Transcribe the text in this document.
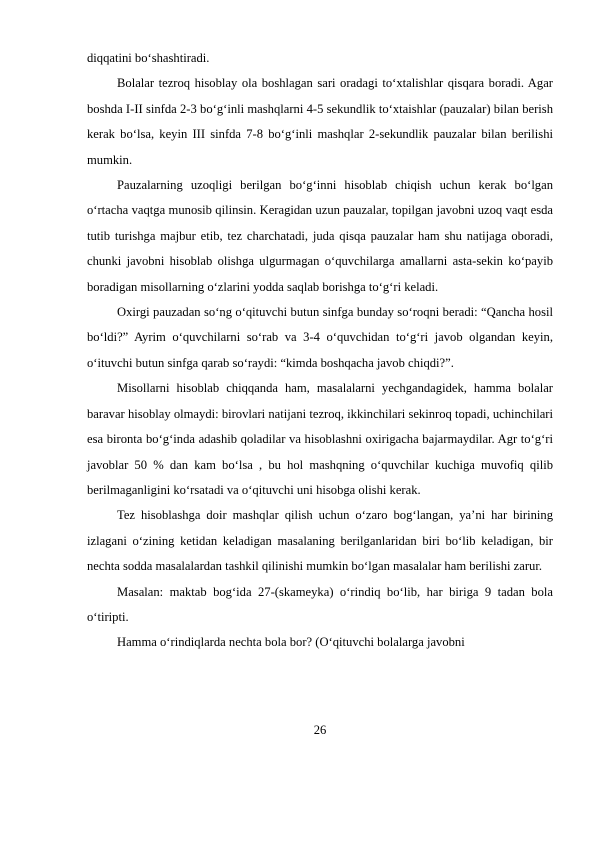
diqqatini bo‘shashtiradi.

Bolalar tezroq hisoblay ola boshlagan sari oradagi to‘xtalishlar qisqara boradi. Agar boshda I-II sinfda 2-3 bo‘g‘inli mashqlarni 4-5 sekundlik to‘xtaishlar (pauzalar) bilan berish kerak bo‘lsa, keyin III sinfda 7-8 bo‘g‘inli mashqlar 2-sekundlik pauzalar bilan berilishi mumkin.

Pauzalarning uzoqligi berilgan bo‘g‘inni hisoblab chiqish uchun kerak bo‘lgan o‘rtacha vaqtga munosib qilinsin. Keragidan uzun pauzalar, topilgan javobni uzoq vaqt esda tutib turishga majbur etib, tez charchatadi, juda qisqa pauzalar ham shu natijaga oboradi, chunki javobni hisoblab olishga ulgurmagan o‘quvchilarga amallarni asta-sekin ko‘payib boradigan misollarning o‘zlarini yodda saqlab borishga to‘g‘ri keladi.

Oxirgi pauzadan so‘ng o‘qituvchi butun sinfga bunday so‘roqni beradi: “Qancha hosil bo‘ldi?” Ayrim o‘quvchilarni so‘rab va 3-4 o‘quvchidan to‘g‘ri javob olgandan keyin, o‘ituvchi butun sinfga qarab so‘raydi: “kimda boshqacha javob chiqdi?”.

Misollarni hisoblab chiqqanda ham, masalalarni yechgandagidek, hamma bolalar baravar hisoblay olmaydi: birovlari natijani tezroq, ikkinchilari sekinroq topadi, uchinchilari esa bironta bo‘g‘inda adashib qoladilar va hisoblashni oxirigacha bajarmaydilar. Agr to‘g‘ri javoblar 50 % dan kam bo‘lsa , bu hol mashqning o‘quvchilar kuchiga muvofiq qilib berilmaganligini ko‘rsatadi va o‘qituvchi uni hisobga olishi kerak.

Tez hisoblashga doir mashqlar qilish uchun o‘zaro bog‘langan, ya’ni har birining izlagani o‘zining ketidan keladigan masalaning berilganlaridan biri bo‘lib keladigan, bir nechta sodda masalalardan tashkil qilinishi mumkin bo‘lgan masalalar ham berilishi zarur.

Masalan: maktab bog‘ida 27-(skameyka) o‘rindiq bo‘lib, har biriga 9 tadan bola o‘tiripti.

Hamma o‘rindiqlarda nechta bola bor? (O‘qituvchi bolalarga javobni

26
